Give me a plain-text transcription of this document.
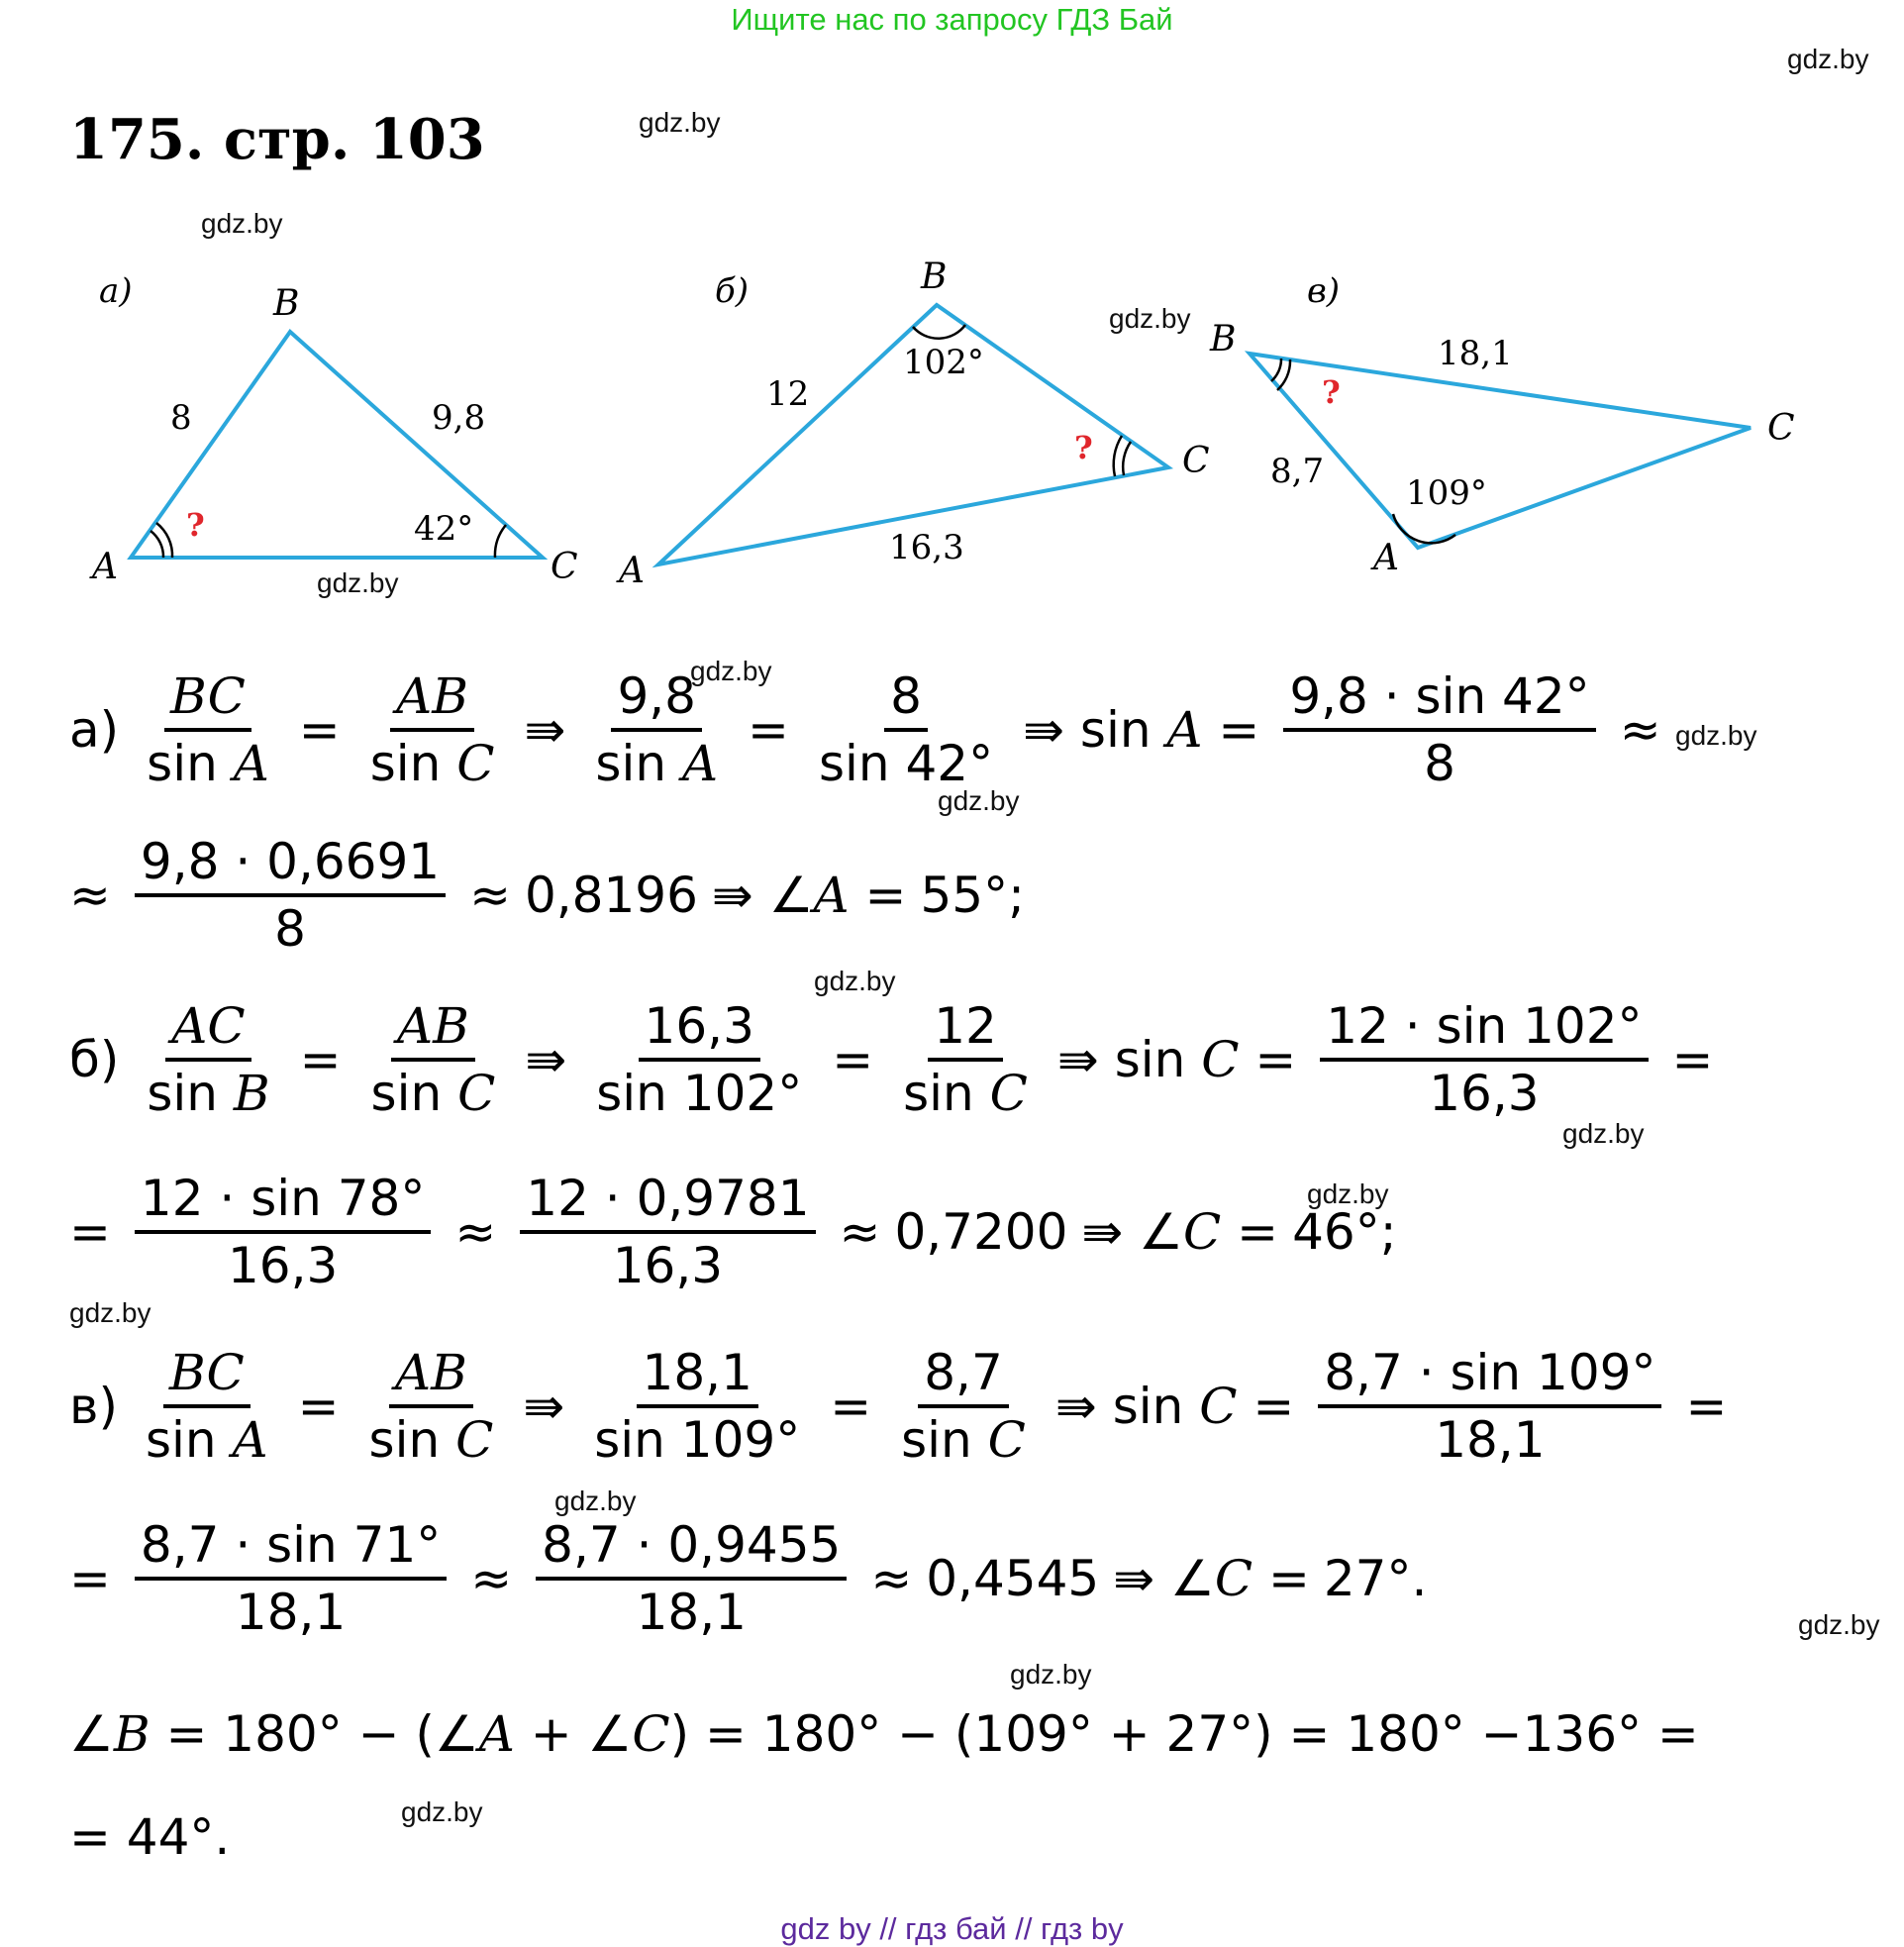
Ищите нас по запросу ГДЗ Бай
175. стр. 103
gdz.by
gdz.by
gdz.by
gdz.by
gdz.by
gdz.by
gdz.by
gdz.by
gdz.by
gdz.by
gdz.by
gdz.by
gdz.by
gdz.by
gdz.by
gdz.by
а)
A
B
C
8	9,8
42°
?
б)
A
B
C
12
16,3
102°
?
в)
A
B
C
8,7
18,1
109°
?
$а) \frac{BC}{\text{sin A}} = \frac{AB}{\text{sin C}}$ ⇛ $\frac{9,8}{\text{sin A}} = \frac{8}{\sin 42^\circ}$ ⇛ $\sin A = \frac{9,8 \cdot \sin 42^\circ}{8}$ ≈
≈ $\frac{9,8 \cdot 0,6691}{8} \approx 0,8196$ ⇛ ∠A = 55° ;
$б) \frac{AC}{\text{sin B}} = \frac{AB}{\text{sin C}}$ ⇛ $\frac{16,3}{\sin 102^\circ} = \frac{12}{\text{sin C}}$ ⇛ $\sin C = \frac{12 \cdot \sin 102^\circ}{16,3}$ =
= $\frac{12 \cdot \sin 78^\circ}{16,3} \approx \frac{12 \cdot 0,9781}{16,3} \approx 0,7200$ ⇛ ∠C = 46° ;
$в) \frac{BC}{\text{sin A}} = \frac{AB}{\text{sin C}}$ ⇛ $\frac{18,1}{\sin 109^\circ} = \frac{8,7}{\text{sin C}}$ ⇛ $\sin C = \frac{8,7 \cdot \sin 109^\circ}{18,1}$ =
= $\frac{8,7 \cdot \sin 71^\circ}{18,1} \approx \frac{8,7 \cdot 0,9455}{18,1} \approx 0,4545$ ⇛ ∠C = 27° .
∠B = 180° − (∠A + ∠C) = 180° − (109° + 27°) = 180° − 136° =
= 44° .
gdz by // гдз бай // гдз by
